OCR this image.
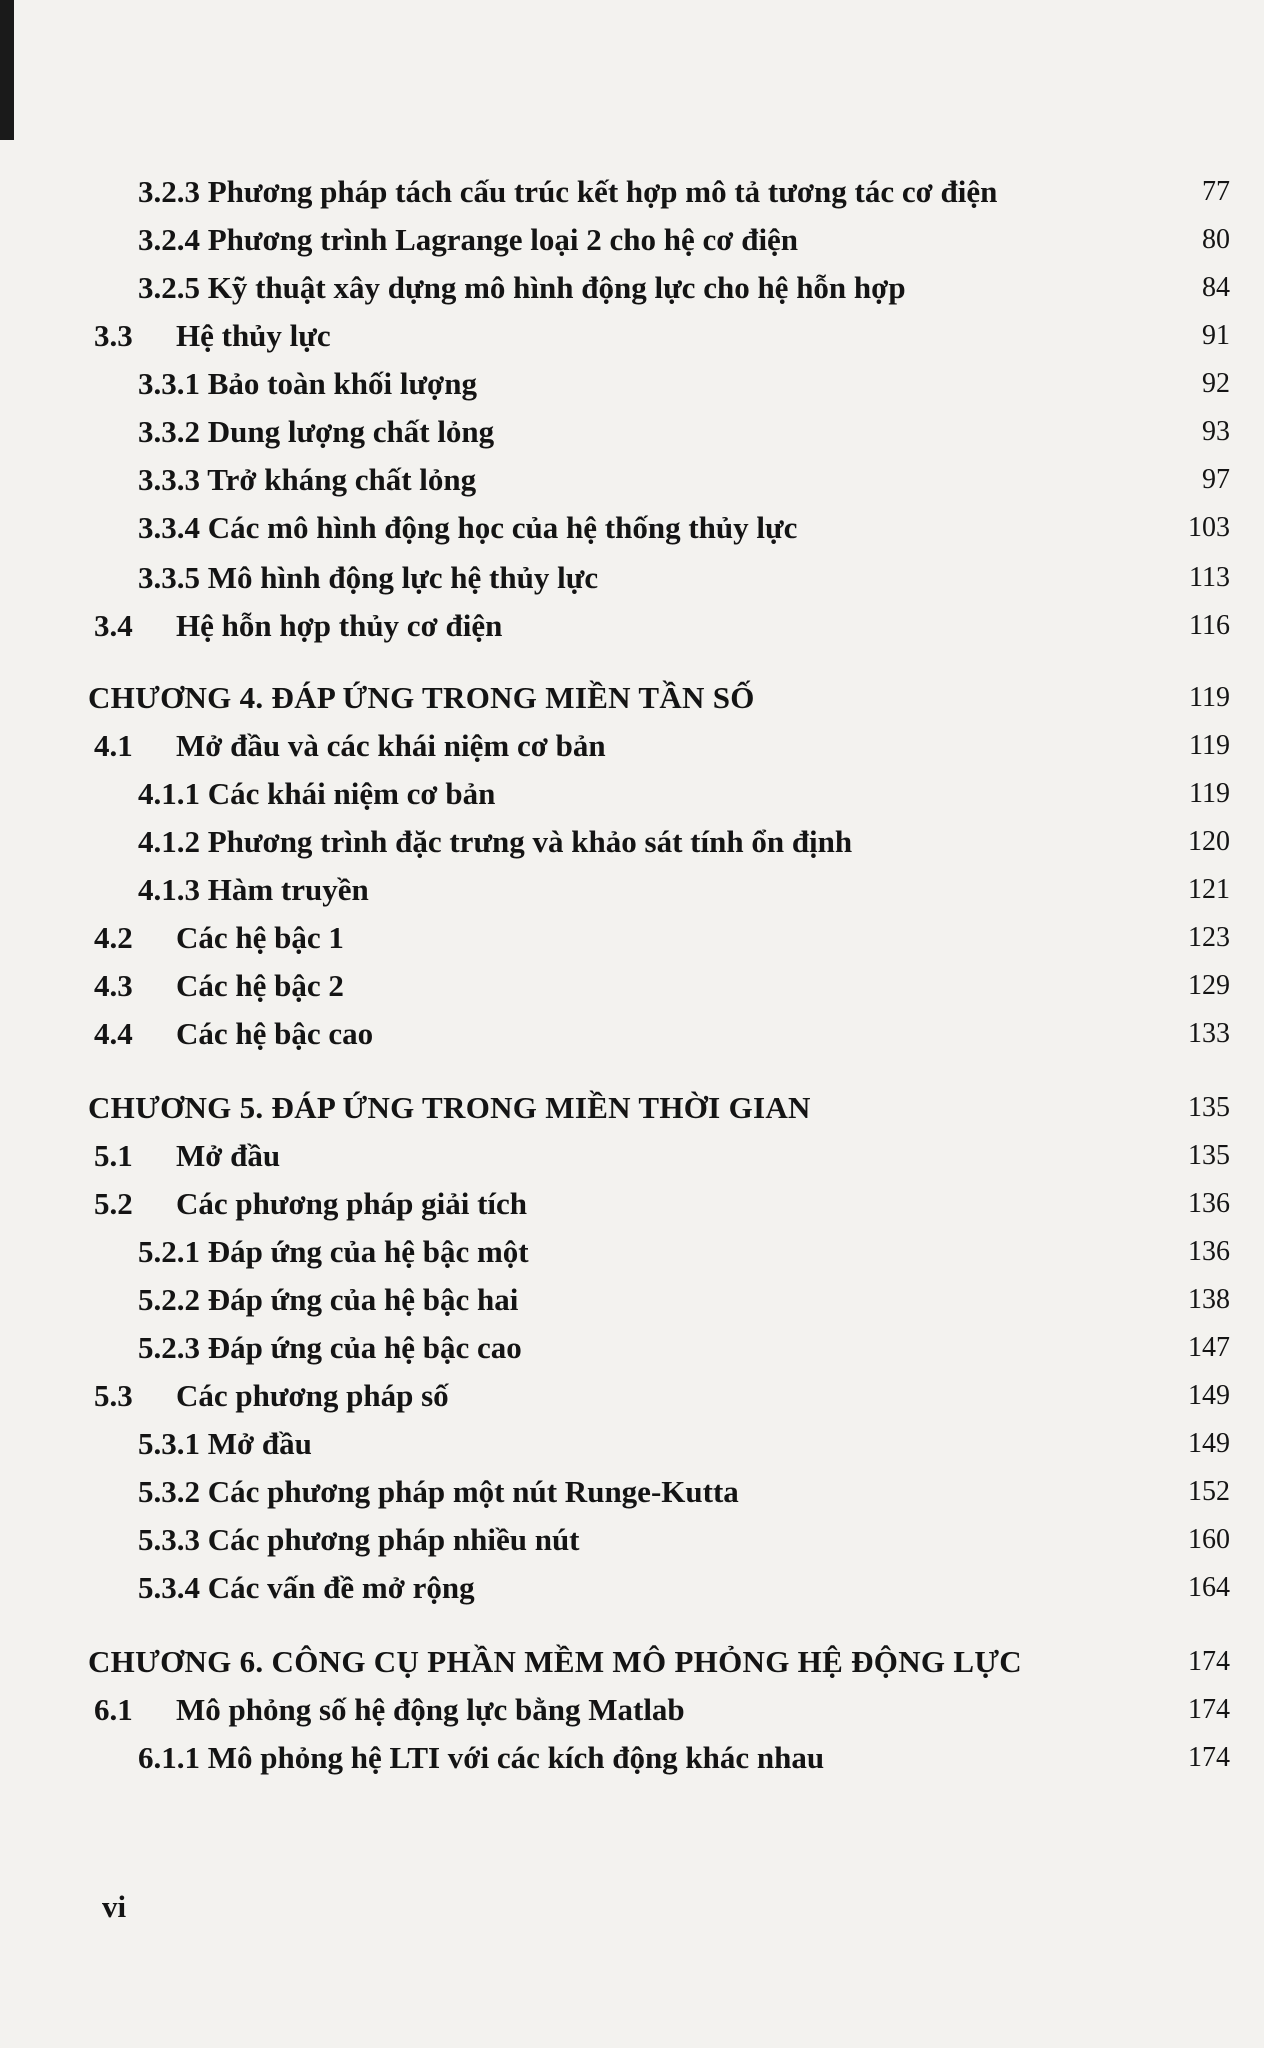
3.2.3 Phương pháp tách cấu trúc kết hợp mô tả tương tác cơ điện	77
3.2.4 Phương trình Lagrange loại 2 cho hệ cơ điện	80
3.2.5 Kỹ thuật xây dựng mô hình động lực cho hệ hỗn hợp	84
3.3 Hệ thủy lực	91
3.3.1 Bảo toàn khối lượng	92
3.3.2 Dung lượng chất lỏng	93
3.3.3 Trở kháng chất lỏng	97
3.3.4 Các mô hình động học của hệ thống thủy lực	103
3.3.5 Mô hình động lực hệ thủy lực	113
3.4 Hệ hỗn hợp thủy cơ điện	116
CHƯƠNG 4. ĐÁP ỨNG TRONG MIỀN TẦN SỐ	119
4.1 Mở đầu và các khái niệm cơ bản	119
4.1.1 Các khái niệm cơ bản	119
4.1.2 Phương trình đặc trưng và khảo sát tính ổn định	120
4.1.3 Hàm truyền	121
4.2 Các hệ bậc 1	123
4.3 Các hệ bậc 2	129
4.4 Các hệ bậc cao	133
CHƯƠNG 5. ĐÁP ỨNG TRONG MIỀN THỜI GIAN	135
5.1 Mở đầu	135
5.2 Các phương pháp giải tích	136
5.2.1 Đáp ứng của hệ bậc một	136
5.2.2 Đáp ứng của hệ bậc hai	138
5.2.3 Đáp ứng của hệ bậc cao	147
5.3 Các phương pháp số	149
5.3.1 Mở đầu	149
5.3.2 Các phương pháp một nút Runge-Kutta	152
5.3.3 Các phương pháp nhiều nút	160
5.3.4 Các vấn đề mở rộng	164
CHƯƠNG 6. CÔNG CỤ PHẦN MỀM MÔ PHỎNG HỆ ĐỘNG LỰC	174
6.1 Mô phỏng số hệ động lực bằng Matlab	174
6.1.1 Mô phỏng hệ LTI với các kích động khác nhau	174
vi
